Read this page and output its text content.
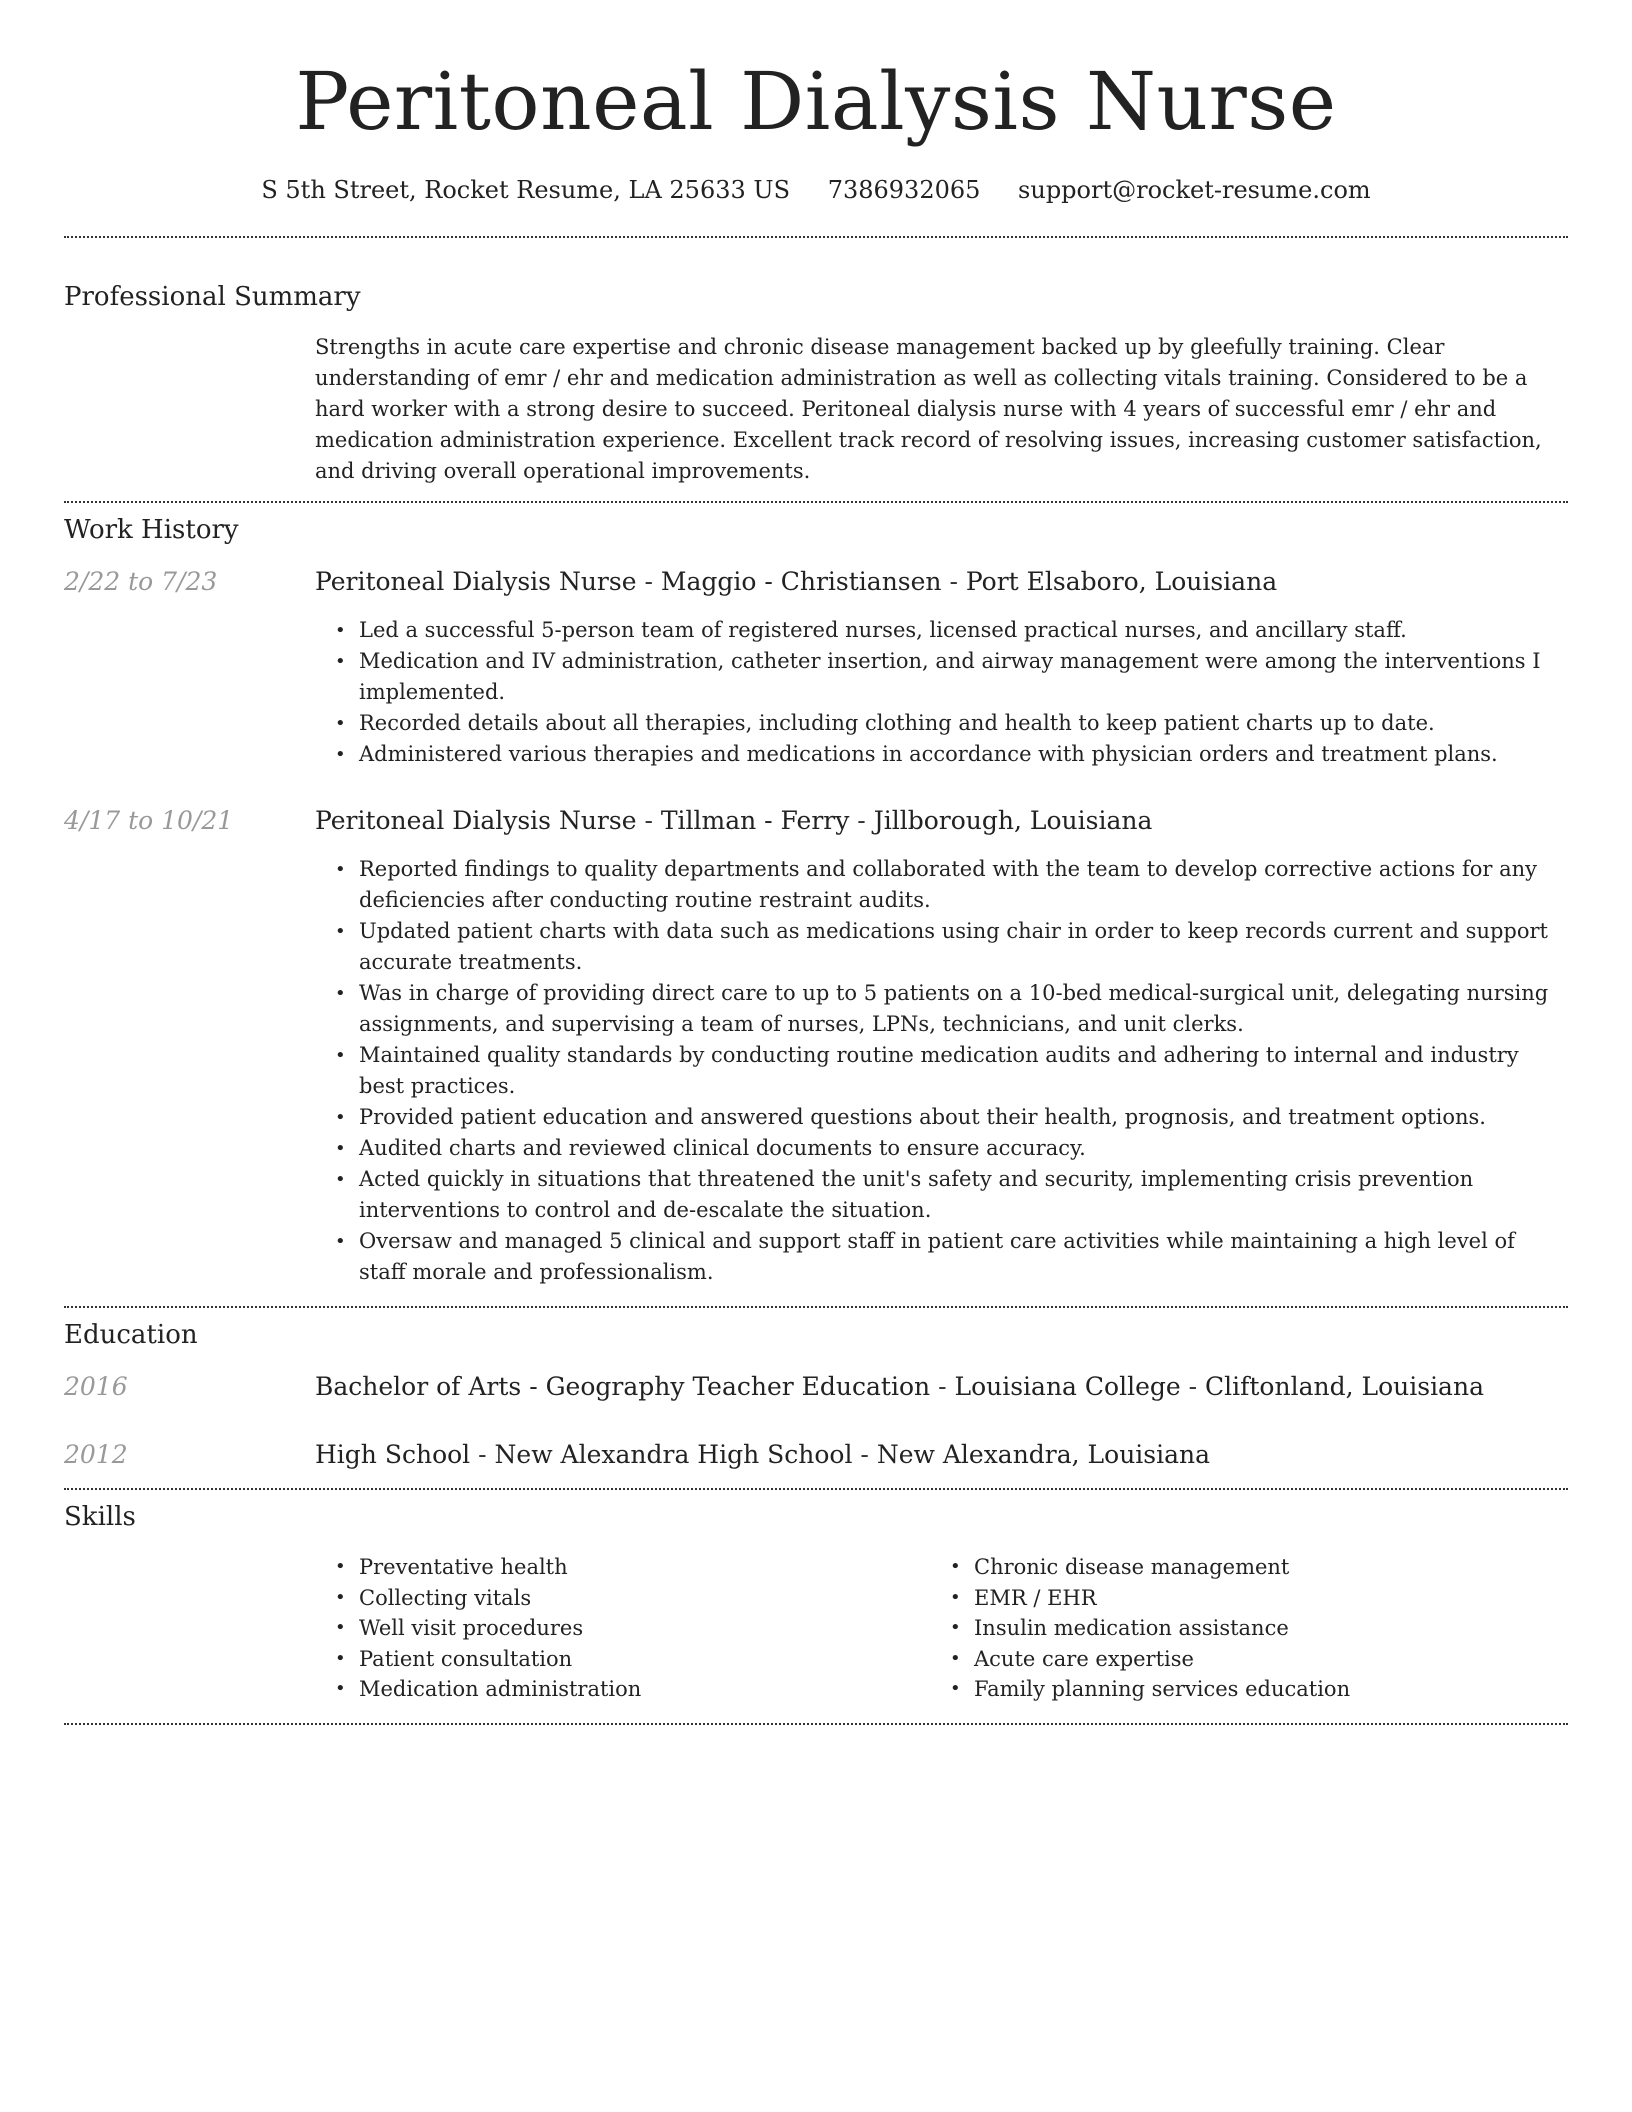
Peritoneal Dialysis Nurse
S 5th Street, Rocket Resume, LA 25633 US 7386932065 support@rocket-resume.com
Professional Summary

Strengths in acute care expertise and chronic disease management backed up by gleefully training. Clear understanding of emr / ehr and medication administration as well as collecting vitals training. Considered to be a hard worker with a strong desire to succeed. Peritoneal dialysis nurse with 4 years of successful emr / ehr and medication administration experience. Excellent track record of resolving issues, increasing customer satisfaction, and driving overall operational improvements.

Work History
2/22 to 7/23	Peritoneal Dialysis Nurse - Maggio - Christiansen - Port Elsaboro, Louisiana
• Led a successful 5-person team of registered nurses, licensed practical nurses, and ancillary staff.
• Medication and IV administration, catheter insertion, and airway management were among the interventions I implemented.
• Recorded details about all therapies, including clothing and health to keep patient charts up to date.
• Administered various therapies and medications in accordance with physician orders and treatment plans.
4/17 to 10/21	Peritoneal Dialysis Nurse - Tillman - Ferry - Jillborough, Louisiana
• Reported findings to quality departments and collaborated with the team to develop corrective actions for any deficiencies after conducting routine restraint audits.
• Updated patient charts with data such as medications using chair in order to keep records current and support accurate treatments.
• Was in charge of providing direct care to up to 5 patients on a 10-bed medical-surgical unit, delegating nursing assignments, and supervising a team of nurses, LPNs, technicians, and unit clerks.
• Maintained quality standards by conducting routine medication audits and adhering to internal and industry best practices.
• Provided patient education and answered questions about their health, prognosis, and treatment options.
• Audited charts and reviewed clinical documents to ensure accuracy.
• Acted quickly in situations that threatened the unit's safety and security, implementing crisis prevention interventions to control and de-escalate the situation.
• Oversaw and managed 5 clinical and support staff in patient care activities while maintaining a high level of staff morale and professionalism.
Education
2016	Bachelor of Arts - Geography Teacher Education - Louisiana College - Cliftonland, Louisiana
2012	High School - New Alexandra High School - New Alexandra, Louisiana
Skills
• Preventative health
• Collecting vitals
• Well visit procedures
• Patient consultation
• Medication administration
• Chronic disease management
• EMR / EHR
• Insulin medication assistance
• Acute care expertise
• Family planning services education
